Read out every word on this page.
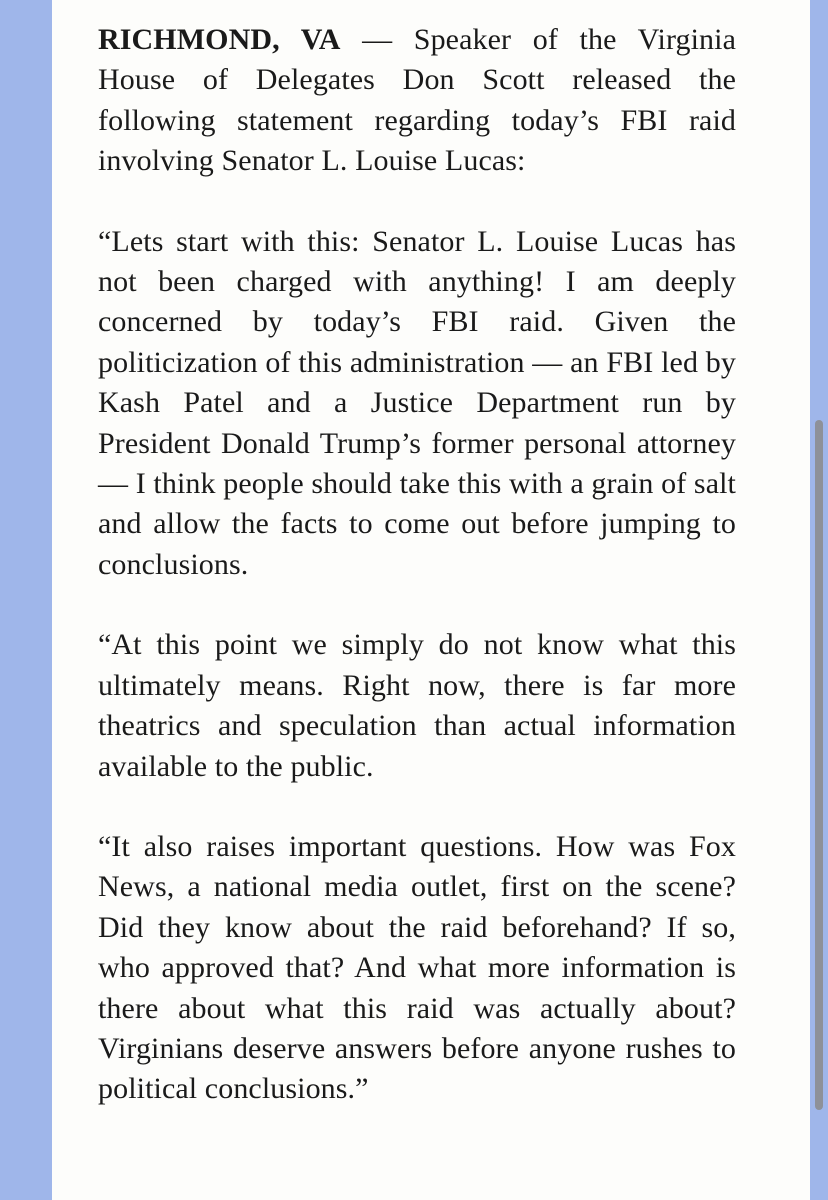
RICHMOND, VA — Speaker of the Virginia House of Delegates Don Scott released the following statement regarding today’s FBI raid involving Senator L. Louise Lucas:

“Lets start with this: Senator L. Louise Lucas has not been charged with anything! I am deeply concerned by today’s FBI raid. Given the politicization of this administration — an FBI led by Kash Patel and a Justice Department run by President Donald Trump’s former personal attorney — I think people should take this with a grain of salt and allow the facts to come out before jumping to conclusions.

“At this point we simply do not know what this ultimately means. Right now, there is far more theatrics and speculation than actual information available to the public.

“It also raises important questions. How was Fox News, a national media outlet, first on the scene? Did they know about the raid beforehand? If so, who approved that? And what more information is there about what this raid was actually about? Virginians deserve answers before anyone rushes to political conclusions.”
